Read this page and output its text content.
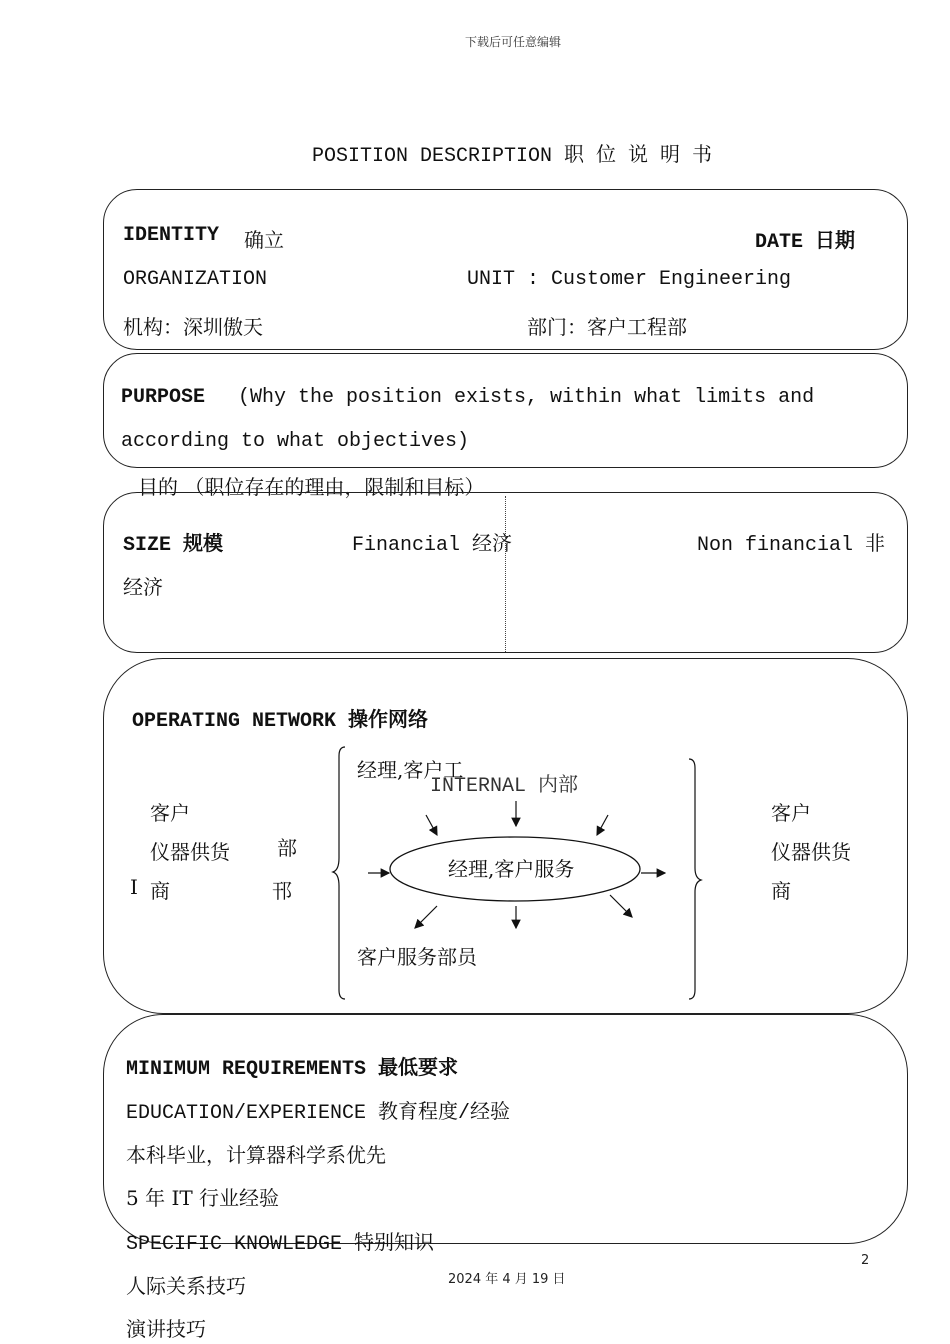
下载后可任意编辑
POSITION DESCRIPTION 职 位 说 明 书
IDENTITY 确立	DATE 日期
ORGANIZATION	UNIT : Customer Engineering
机构：深圳傲天	部门：客户工程部
PURPOSE (Why the position exists, within what limits and
according to what objectives)
目的 （职位存在的理由，限制和目标）
SIZE 规模	Financial 经济	Non financial 非
经济
OPERATING NETWORK 操作网络
客户
仪器供货
商
I
部
邗
经理,客户工
INTERNAL 内部
经理,客户服务
客户服务部员
客户
仪器供货
商
MINIMUM REQUIREMENTS 最低要求
EDUCATION/EXPERIENCE 教育程度/经验
本科毕业，计算器科学系优先
5 年 IT 行业经验
SPECIFIC KNOWLEDGE 特别知识
人际关系技巧
演讲技巧
2
2024 年 4 月 19 日
